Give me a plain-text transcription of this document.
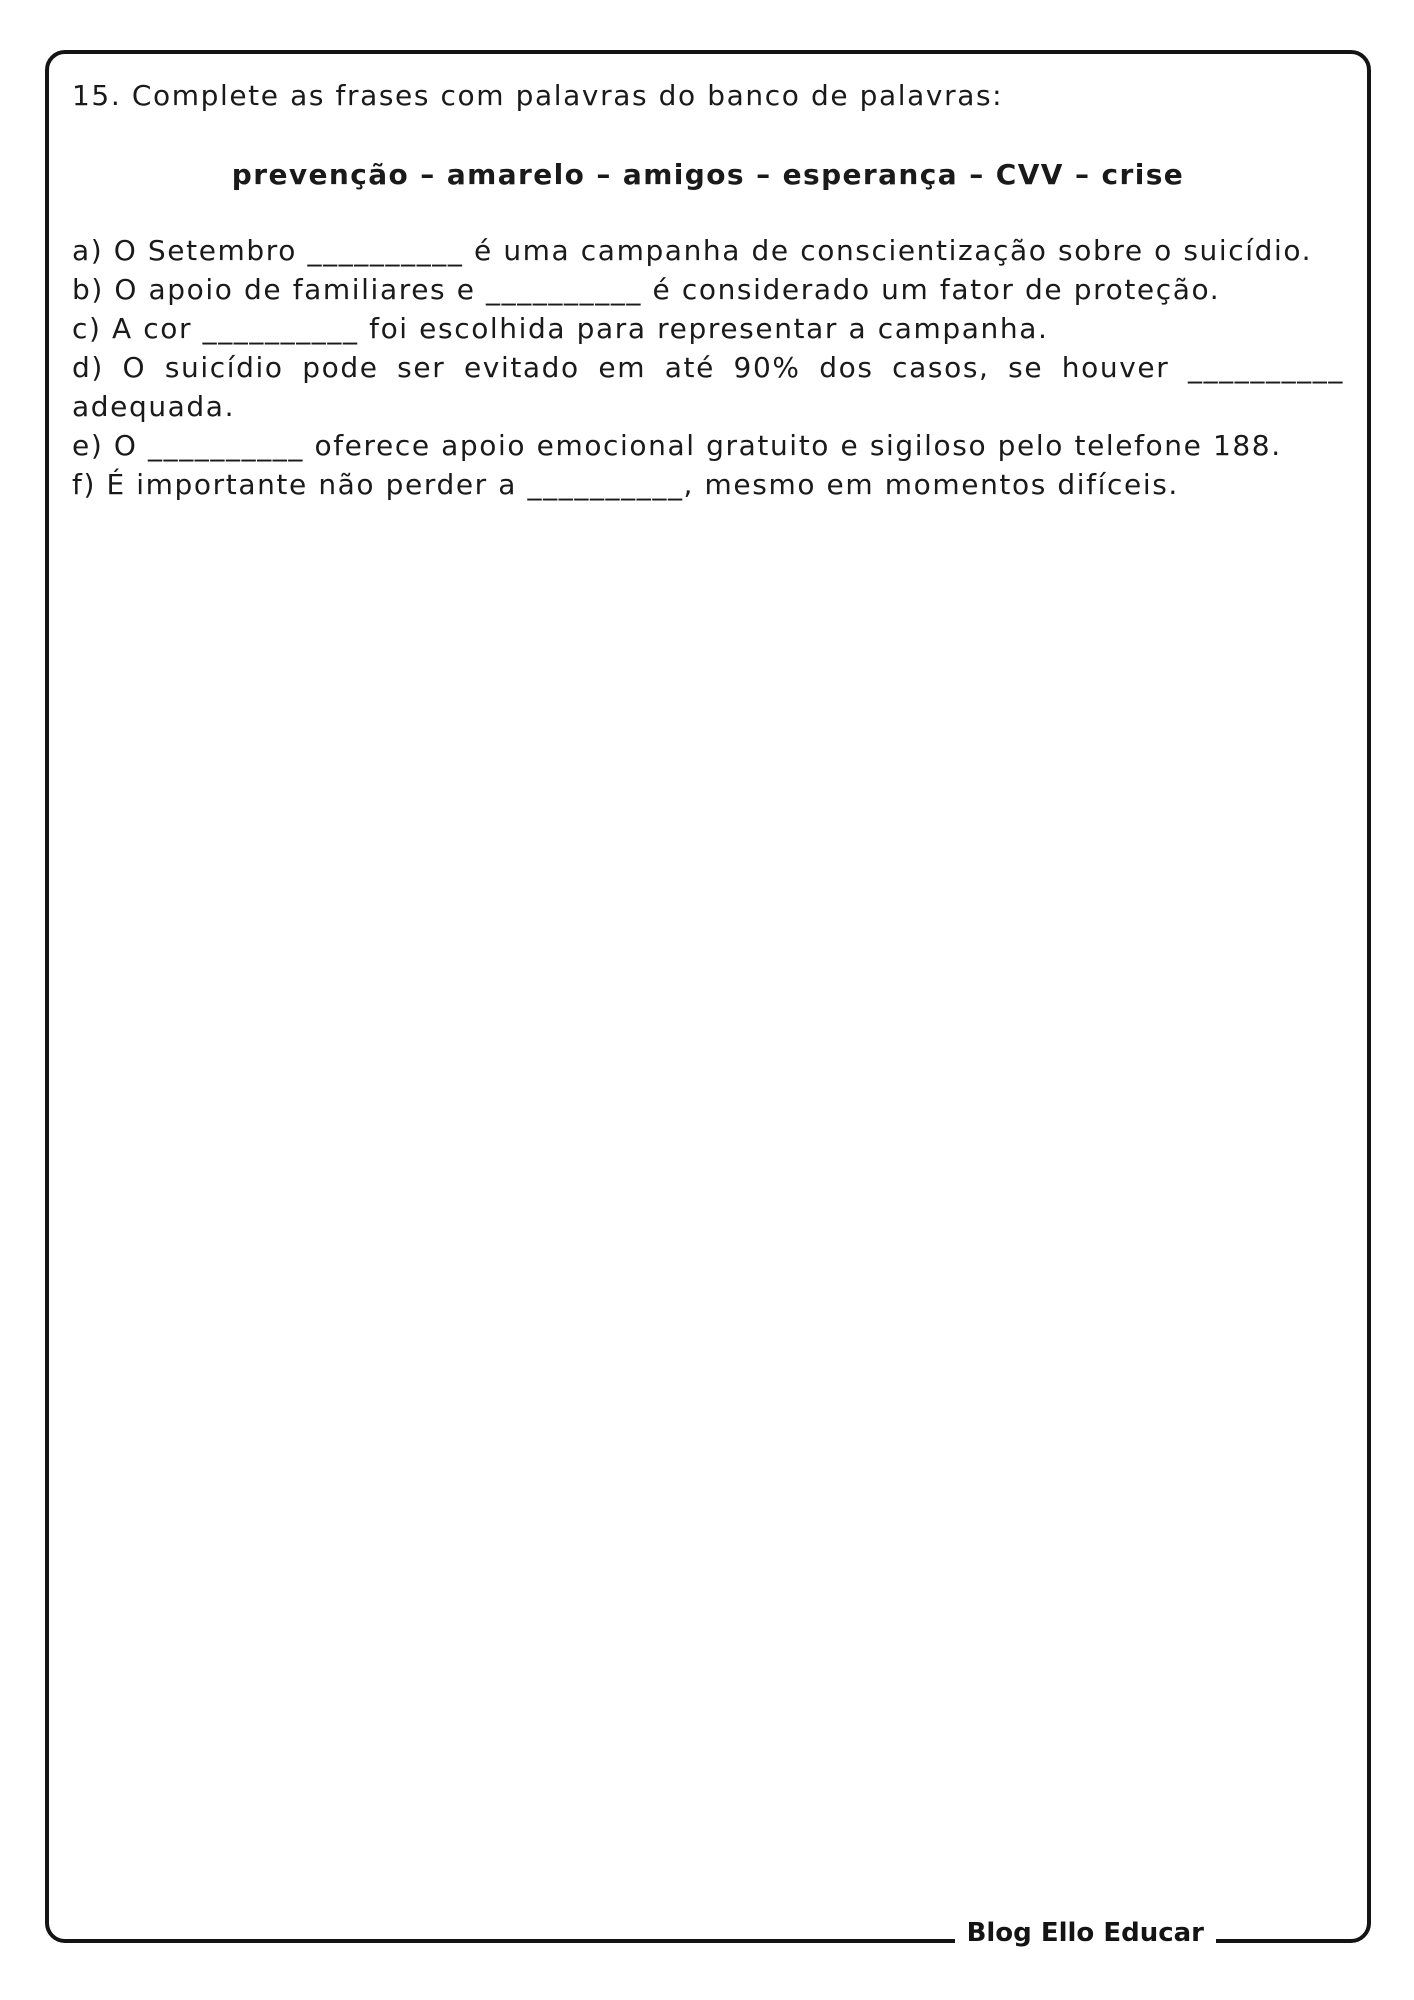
15. Complete as frases com palavras do banco de palavras:

prevenção – amarelo – amigos – esperança – CVV – crise

a) O Setembro __________ é uma campanha de conscientização sobre o suicídio.

b) O apoio de familiares e __________ é considerado um fator de proteção.

c) A cor __________ foi escolhida para representar a campanha.

d) O suicídio pode ser evitado em até 90% dos casos, se houver __________ adequada.

e) O __________ oferece apoio emocional gratuito e sigiloso pelo telefone 188.

f) É importante não perder a __________, mesmo em momentos difíceis.

Blog Ello Educar
